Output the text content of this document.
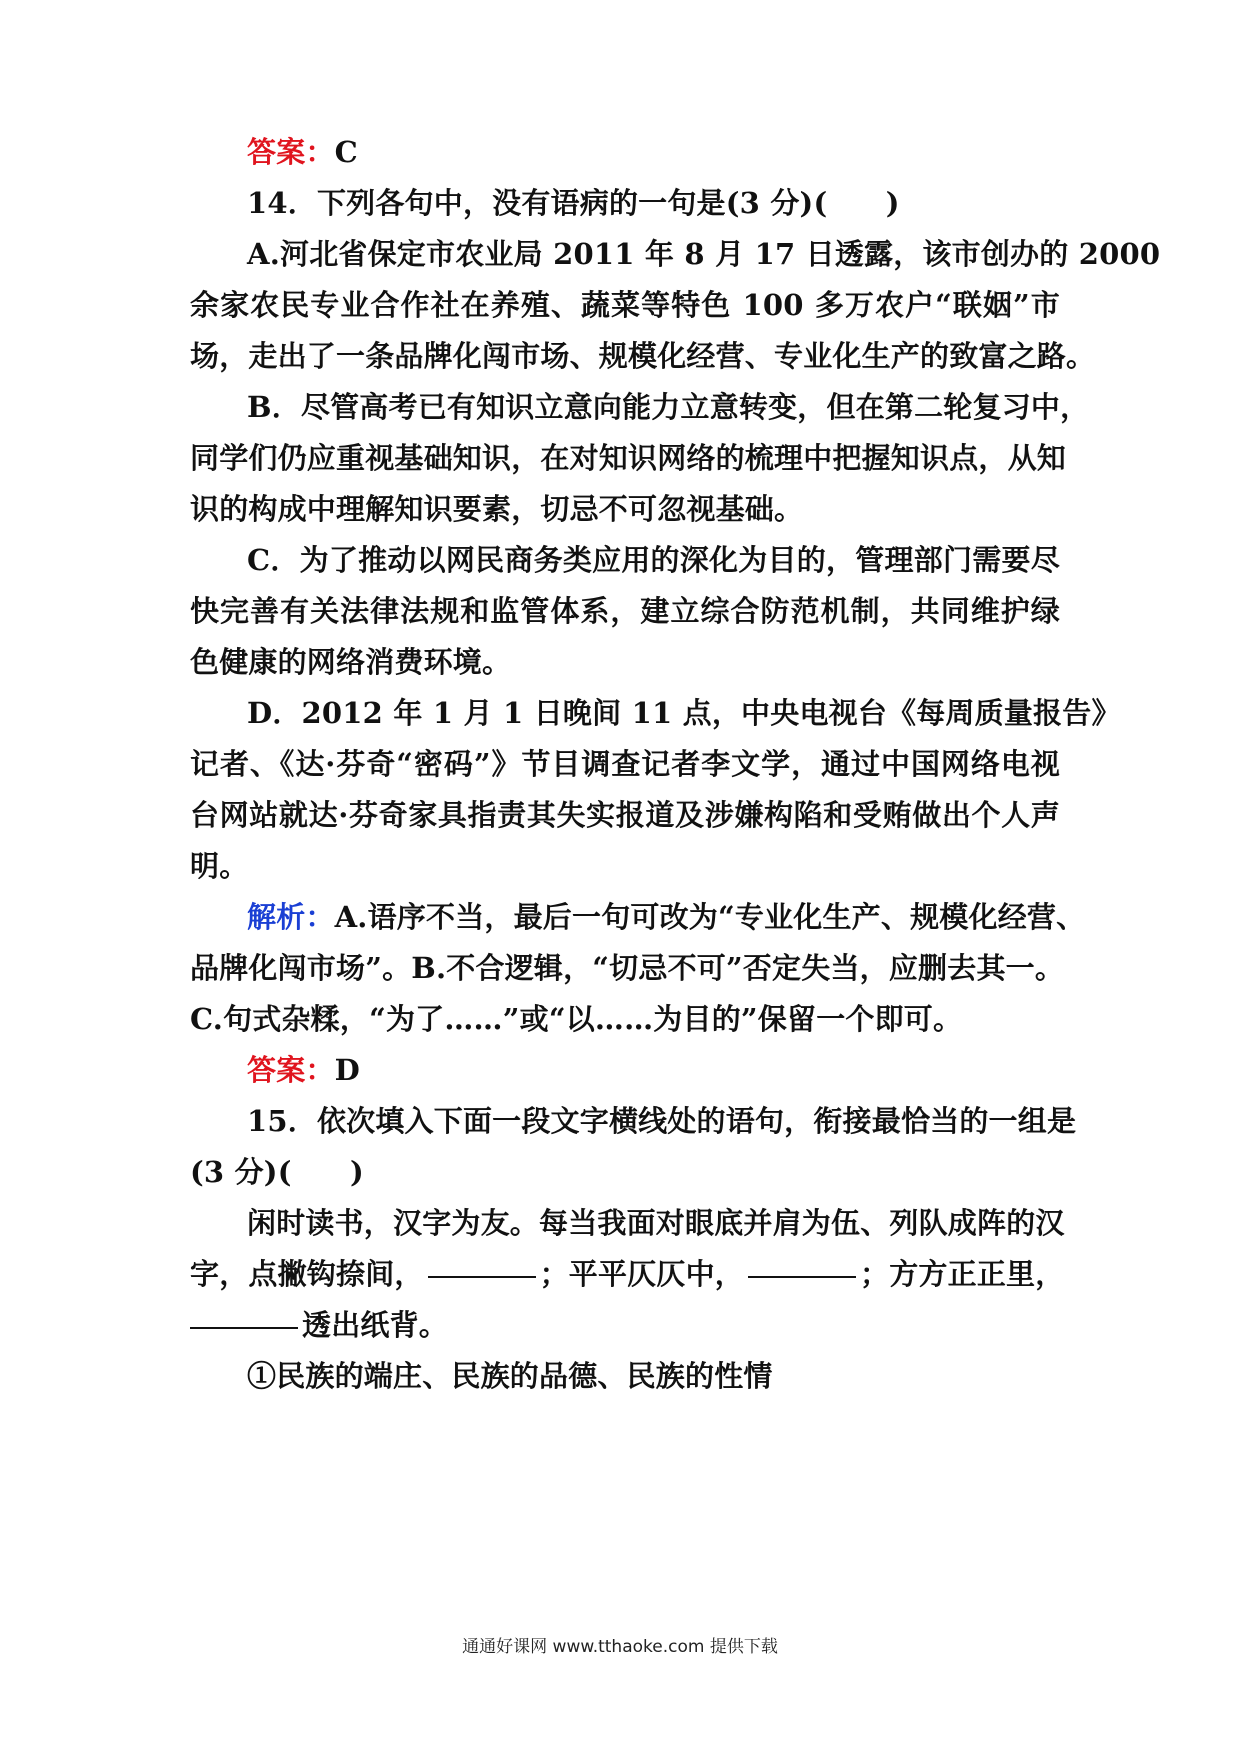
答案：C
14．下列各句中，没有语病的一句是(3 分)(　　)
A.河北省保定市农业局 2011 年 8 月 17 日透露，该市创办的 2000
余家农民专业合作社在养殖、蔬菜等特色 100 多万农户“联姻”市
场，走出了一条品牌化闯市场、规模化经营、专业化生产的致富之路。
B．尽管高考已有知识立意向能力立意转变，但在第二轮复习中，
同学们仍应重视基础知识，在对知识网络的梳理中把握知识点，从知
识的构成中理解知识要素，切忌不可忽视基础。
C．为了推动以网民商务类应用的深化为目的，管理部门需要尽
快完善有关法律法规和监管体系，建立综合防范机制，共同维护绿
色健康的网络消费环境。
D．2012 年 1 月 1 日晚间 11 点，中央电视台《每周质量报告》
记者、《达·芬奇“密码”》节目调查记者李文学，通过中国网络电视
台网站就达·芬奇家具指责其失实报道及涉嫌构陷和受贿做出个人声
明。
解析：A.语序不当，最后一句可改为“专业化生产、规模化经营、
品牌化闯市场”。B.不合逻辑，“切忌不可”否定失当，应删去其一。
C.句式杂糅，“为了……”或“以……为目的”保留一个即可。
答案：D
15．依次填入下面一段文字横线处的语句，衔接最恰当的一组是
(3 分)(　　)
闲时读书，汉字为友。每当我面对眼底并肩为伍、列队成阵的汉
字，点撇钩捺间，	；平平仄仄中，	；方方正正里，
透出纸背。
①民族的端庄、民族的品德、民族的性情
通通好课网 www.tthaoke.com 提供下载
